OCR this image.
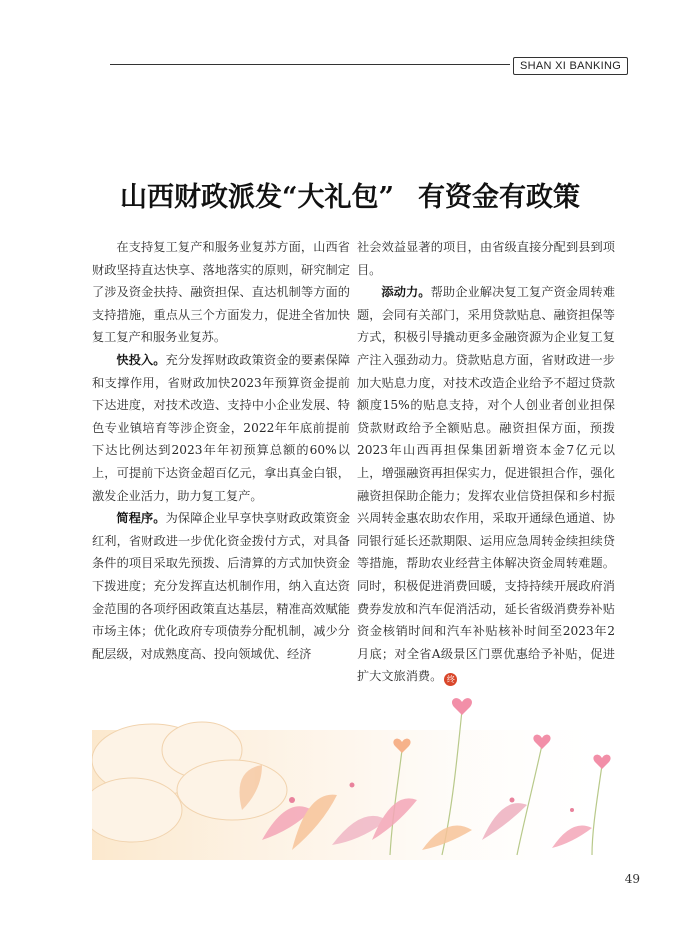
SHAN XI BANKING
山西财政派发“大礼包” 有资金有政策

在支持复工复产和服务业复苏方面，山西省财政坚持直达快享、落地落实的原则，研究制定了涉及资金扶持、融资担保、直达机制等方面的支持措施，重点从三个方面发力，促进全省加快复工复产和服务业复苏。

快投入。充分发挥财政政策资金的要素保障和支撑作用，省财政加快2023年预算资金提前下达进度，对技术改造、支持中小企业发展、特色专业镇培育等涉企资金，2022年年底前提前下达比例达到2023年年初预算总额的60%以上，可提前下达资金超百亿元，拿出真金白银，激发企业活力，助力复工复产。

简程序。为保障企业早享快享财政政策资金红利，省财政进一步优化资金拨付方式，对具备条件的项目采取先预拨、后清算的方式加快资金下拨进度；充分发挥直达机制作用，纳入直达资金范围的各项纾困政策直达基层，精准高效赋能市场主体；优化政府专项债券分配机制，减少分配层级，对成熟度高、投向领域优、经济

社会效益显著的项目，由省级直接分配到县到项目。

添动力。帮助企业解决复工复产资金周转难题，会同有关部门，采用贷款贴息、融资担保等方式，积极引导撬动更多金融资源为企业复工复产注入强劲动力。贷款贴息方面，省财政进一步加大贴息力度，对技术改造企业给予不超过贷款额度15%的贴息支持，对个人创业者创业担保贷款财政给予全额贴息。融资担保方面，预拨2023年山西再担保集团新增资本金7亿元以上，增强融资再担保实力，促进银担合作，强化融资担保助企能力；发挥农业信贷担保和乡村振兴周转金惠农助农作用，采取开通绿色通道、协同银行延长还款期限、运用应急周转金续担续贷等措施，帮助农业经营主体解决资金周转难题。同时，积极促进消费回暖，支持持续开展政府消费券发放和汽车促消活动，延长省级消费券补贴资金核销时间和汽车补贴核补时间至2023年2月底；对全省A级景区门票优惠给予补贴，促进扩大文旅消费。 终

49
